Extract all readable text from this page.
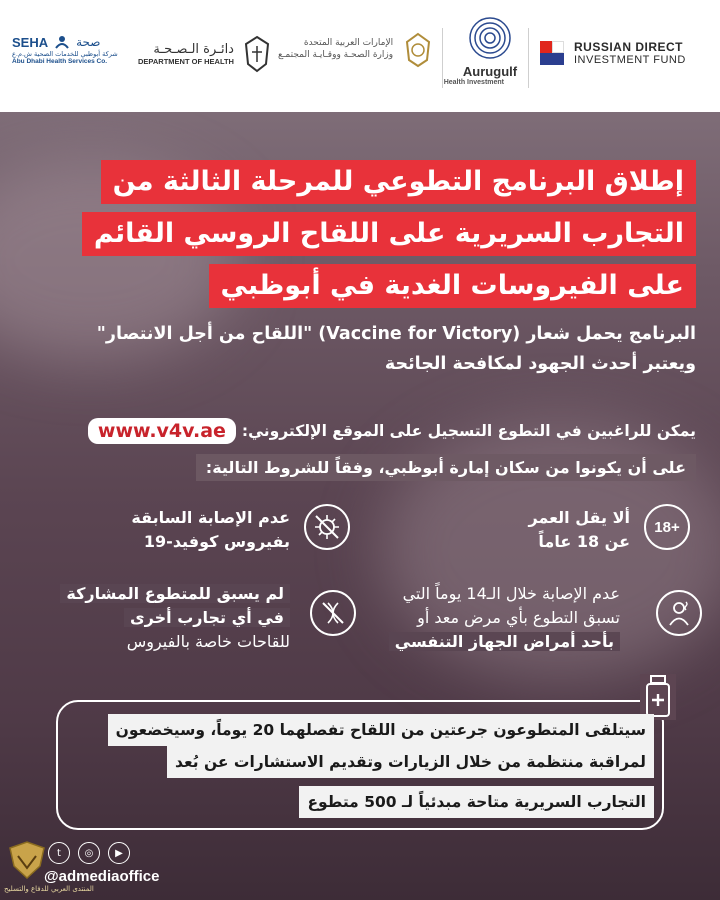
RUSSIAN DIRECT
INVESTMENT FUND
Aurugulf
Health Investment
الإمارات العربية المتحدة
وزارة الصحـة ووقـايـة المجتمـع
دائـرة الـصـحـة
DEPARTMENT OF HEALTH
SEHA صحة
شركة أبوظبي للخدمات الصحية ش.م.ع
Abu Dhabi Health Services Co.
إطلاق البرنامج التطوعي للمرحلة الثالثة من
التجارب السريرية على اللقاح الروسي القائم
على الفيروسات الغدية في أبوظبي
البرنامج يحمل شعار (Vaccine for Victory) "اللقاح من أجل الانتصار"
ويعتبر أحدث الجهود لمكافحة الجائحة
يمكن للراغبين في التطوع التسجيل على الموقع الإلكتروني:
www.v4v.ae
على أن يكونوا من سكان إمارة أبوظبي، وفقاً للشروط التالية:
18+
ألا يقل العمر
عن 18 عاماً
عدم الإصابة السابقة
بفيروس كوفيد-19
عدم الإصابة خلال الـ14 يوماً التي
تسبق التطوع بأي مرض معد أو
بأحد أمراض الجهاز التنفسي
لم يسبق للمتطوع المشاركة
في أي تجارب أخرى
للقاحات خاصة بالفيروس
سيتلقى المتطوعون جرعتين من اللقاح تفصلهما 20 يوماً، وسيخضعون
لمراقبة منتظمة من خلال الزيارات وتقديم الاستشارات عن بُعد
التجارب السريرية متاحة مبدئياً لـ 500 متطوع
المنتدى العربي للدفاع والتسليح
t	◎	▶
@admediaoffice
